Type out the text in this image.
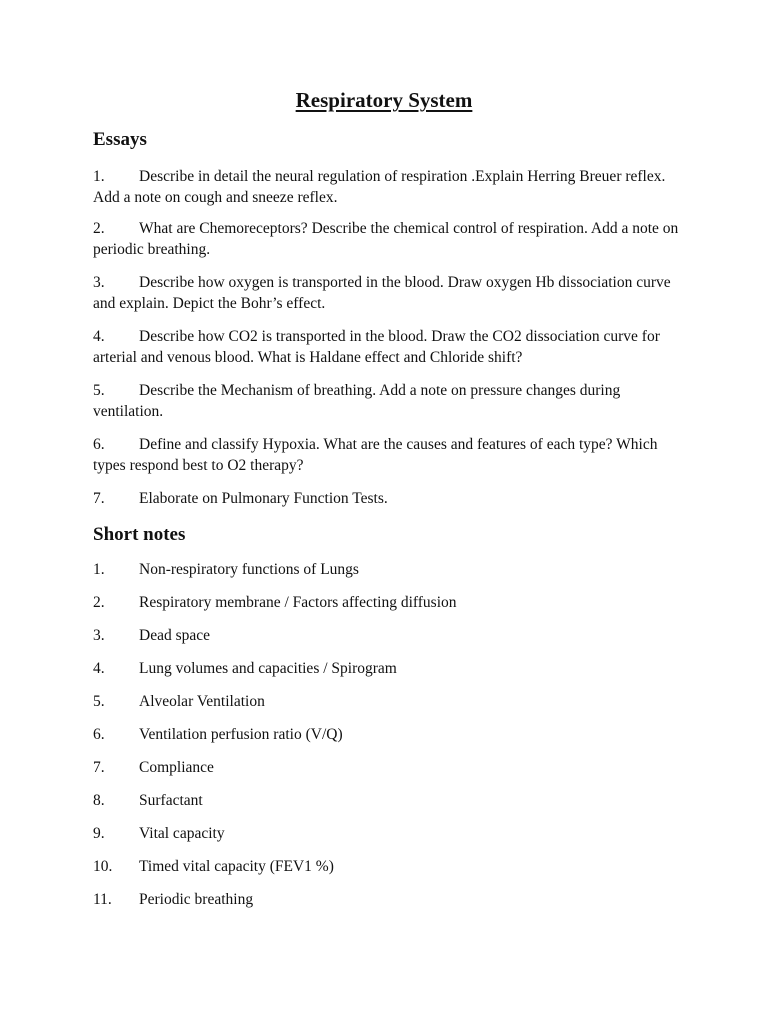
Respiratory System
Essays
1. Describe in detail the neural regulation of respiration .Explain Herring Breuer reflex. Add a note on cough and sneeze reflex.
2. What are Chemoreceptors? Describe the chemical control of respiration. Add a note on periodic breathing.
3. Describe how oxygen is transported in the blood. Draw oxygen Hb dissociation curve and explain. Depict the Bohr’s effect.
4. Describe how CO2 is transported in the blood. Draw the CO2 dissociation curve for arterial and venous blood. What is Haldane effect and Chloride shift?
5. Describe the Mechanism of breathing. Add a note on pressure changes during ventilation.
6. Define and classify Hypoxia. What are the causes and features of each type? Which types respond best to O2 therapy?
7. Elaborate on Pulmonary Function Tests.
Short notes
1. Non-respiratory functions of Lungs
2. Respiratory membrane / Factors affecting diffusion
3. Dead space
4. Lung volumes and capacities / Spirogram
5. Alveolar Ventilation
6. Ventilation perfusion ratio (V/Q)
7. Compliance
8. Surfactant
9. Vital capacity
10. Timed vital capacity (FEV1 %)
11. Periodic breathing
